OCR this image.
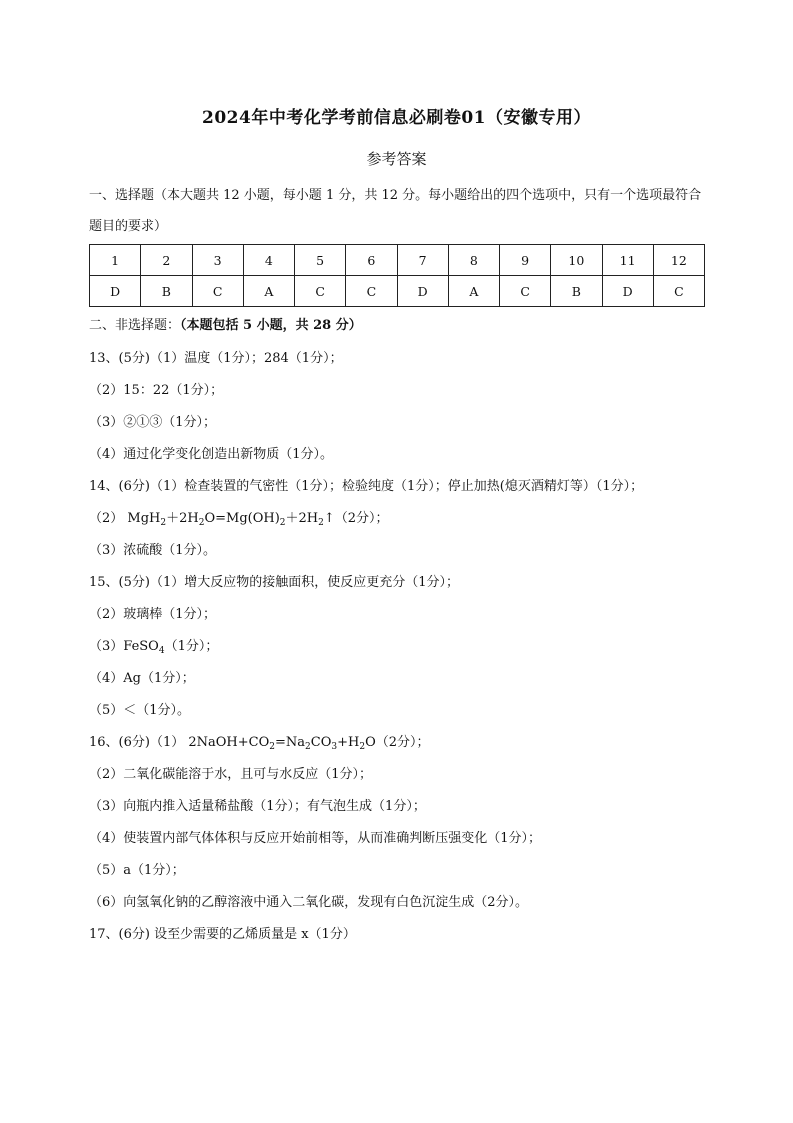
2024年中考化学考前信息必刷卷01（安徽专用）
参考答案
一、选择题（本大题共 12 小题，每小题 1 分，共 12 分。每小题给出的四个选项中，只有一个选项最符合
题目的要求）
1	2	3	4	5	6	7	8	9	10	11	12
D	B	C	A	C	C	D	A	C	B	D	C
二、非选择题：（本题包括 5 小题，共 28 分）
13、(5分)（1）温度（1分）；284（1分）；
（2）15：22（1分）；
（3）②①③（1分）；
（4）通过化学变化创造出新物质（1分）。
14、(6分)（1）检查装置的气密性（1分）；检验纯度（1分）；停止加热(熄灭酒精灯等）（1分）；
（2） $MgH_2+2H_2O=Mg(OH)_2+2H_2↑(2$分）；
（3）浓硫酸（1分）。
15、(5分)（1）增大反应物的接触面积，使反应更充分（1分）；
（2）玻璃棒（1分）；
（3）FeSO$_4$（1分）；
（4）Ag（1分）；
（5）＜（1分）。
16、(6分)（1） $2NaOH+CO_2=Na_2CO_3+H_2O(2$分）；
（2）二氧化碳能溶于水，且可与水反应（1分）；
（3）向瓶内推入适量稀盐酸（1分）；有气泡生成（1分）；
（4）使装置内部气体体积与反应开始前相等，从而准确判断压强变化（1分）；
（5）a（1分）；
（6）向氢氧化钠的乙醇溶液中通入二氧化碳，发现有白色沉淀生成（2分）。
17、(6分) 设至少需要的乙烯质量是 x（1分）
